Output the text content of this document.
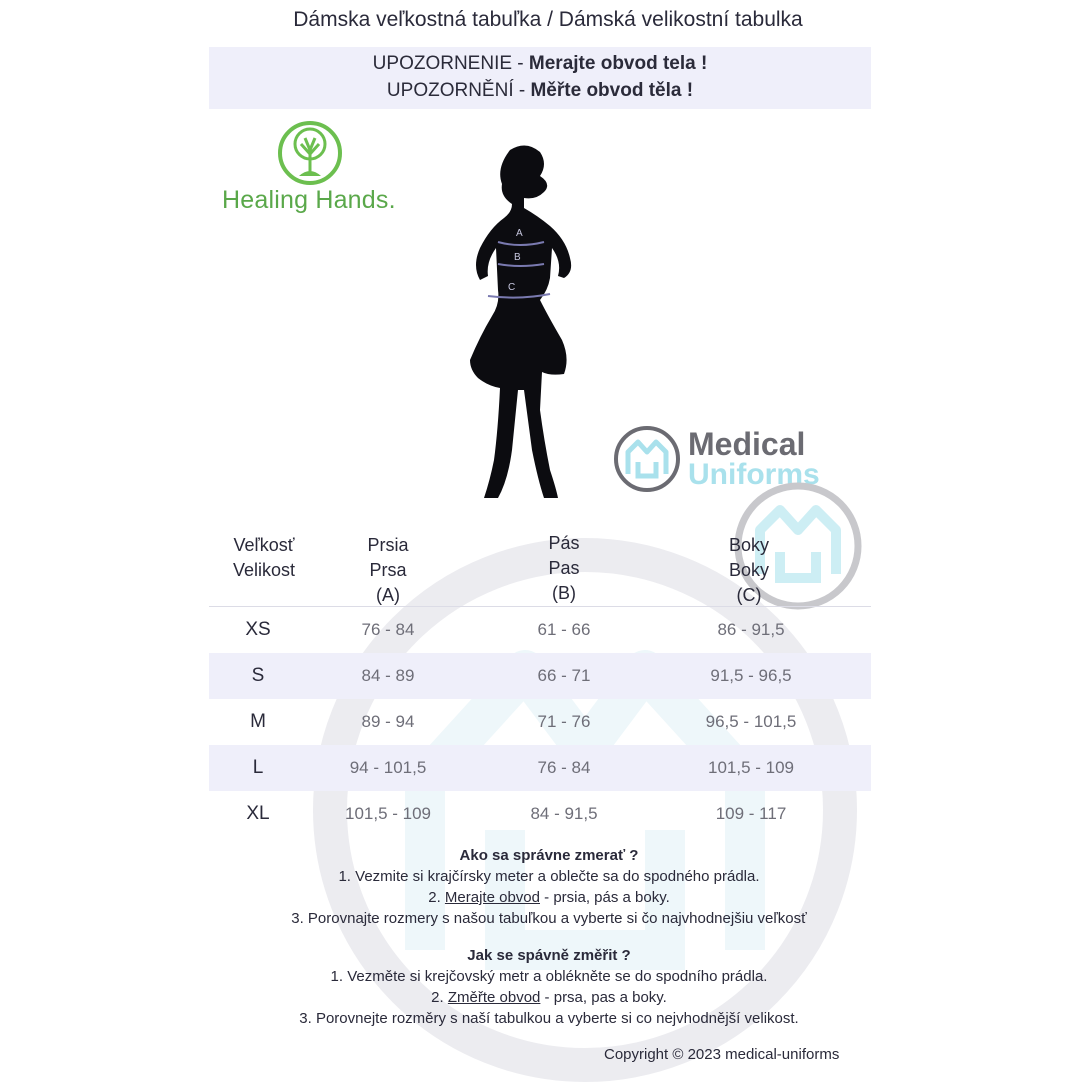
Dámska veľkostná tabuľka / Dámská velikostní tabulka
UPOZORNENIE - Merajte obvod tela !
UPOZORNĚNÍ - Měřte obvod těla !
Healing Hands.
A
B
C
Medical
Uniforms
Veľkosť
Velikost
Prsia
Prsa
(A)
Pás
Pas
(B)
Boky
Boky
(C)
XS	76 - 84	61 - 66	86 - 91,5
S	84 - 89	66 - 71	91,5 - 96,5
M	89 - 94	71 - 76	96,5 - 101,5
L	94 - 101,5	76 - 84	101,5 - 109
XL	101,5 - 109	84 - 91,5	109 - 117
Ako sa správne zmerať ?
1. Vezmite si krajčírsky meter a oblečte sa do spodného prádla.
2. Merajte obvod - prsia, pás a boky.
3. Porovnajte rozmery s našou tabuľkou a vyberte si čo najvhodnejšiu veľkosť
Jak se spávně změřit ?
1. Vezměte si krejčovský metr a oblékněte se do spodního prádla.
2. Změřte obvod - prsa, pas a boky.
3. Porovnejte rozměry s naší tabulkou a vyberte si co nejvhodnější velikost.
Copyright © 2023 medical-uniforms
